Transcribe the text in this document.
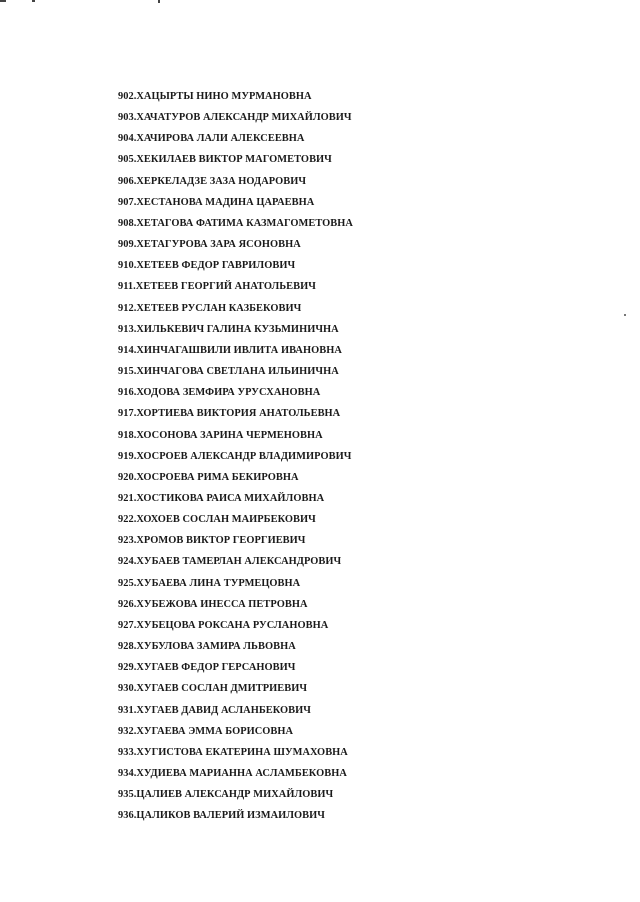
902.ХАЦЫРТЫ НИНО МУРМАНОВНА
903.ХАЧАТУРОВ АЛЕКСАНДР МИХАЙЛОВИЧ
904.ХАЧИРОВА ЛАЛИ АЛЕКСЕЕВНА
905.ХЕКИЛАЕВ ВИКТОР МАГОМЕТОВИЧ
906.ХЕРКЕЛАДЗЕ ЗАЗА НОДАРОВИЧ
907.ХЕСТАНОВА МАДИНА ЦАРАЕВНА
908.ХЕТАГОВА ФАТИМА КАЗМАГОМЕТОВНА
909.ХЕТАГУРОВА ЗАРА ЯСОНОВНА
910.ХЕТЕЕВ ФЕДОР ГАВРИЛОВИЧ
911.ХЕТЕЕВ ГЕОРГИЙ АНАТОЛЬЕВИЧ
912.ХЕТЕЕВ РУСЛАН КАЗБЕКОВИЧ
913.ХИЛЬКЕВИЧ ГАЛИНА КУЗЬМИНИЧНА
914.ХИНЧАГАШВИЛИ ИВЛИТА ИВАНОВНА
915.ХИНЧАГОВА СВЕТЛАНА ИЛЬИНИЧНА
916.ХОДОВА ЗЕМФИРА УРУСХАНОВНА
917.ХОРТИЕВА ВИКТОРИЯ АНАТОЛЬЕВНА
918.ХОСОНОВА ЗАРИНА ЧЕРМЕНОВНА
919.ХОСРОЕВ АЛЕКСАНДР ВЛАДИМИРОВИЧ
920.ХОСРОЕВА РИМА БЕКИРОВНА
921.ХОСТИКОВА РАИСА МИХАЙЛОВНА
922.ХОХОЕВ СОСЛАН МАИРБЕКОВИЧ
923.ХРОМОВ ВИКТОР ГЕОРГИЕВИЧ
924.ХУБАЕВ ТАМЕРЛАН АЛЕКСАНДРОВИЧ
925.ХУБАЕВА ЛИНА ТУРМЕЦОВНА
926.ХУБЕЖОВА ИНЕССА ПЕТРОВНА
927.ХУБЕЦОВА РОКСАНА РУСЛАНОВНА
928.ХУБУЛОВА ЗАМИРА ЛЬВОВНА
929.ХУГАЕВ ФЕДОР ГЕРСАНОВИЧ
930.ХУГАЕВ СОСЛАН ДМИТРИЕВИЧ
931.ХУГАЕВ ДАВИД АСЛАНБЕКОВИЧ
932.ХУГАЕВА ЭММА БОРИСОВНА
933.ХУГИСТОВА ЕКАТЕРИНА ШУМАХОВНА
934.ХУДИЕВА МАРИАННА АСЛАМБЕКОВНА
935.ЦАЛИЕВ АЛЕКСАНДР МИХАЙЛОВИЧ
936.ЦАЛИКОВ ВАЛЕРИЙ ИЗМАИЛОВИЧ
